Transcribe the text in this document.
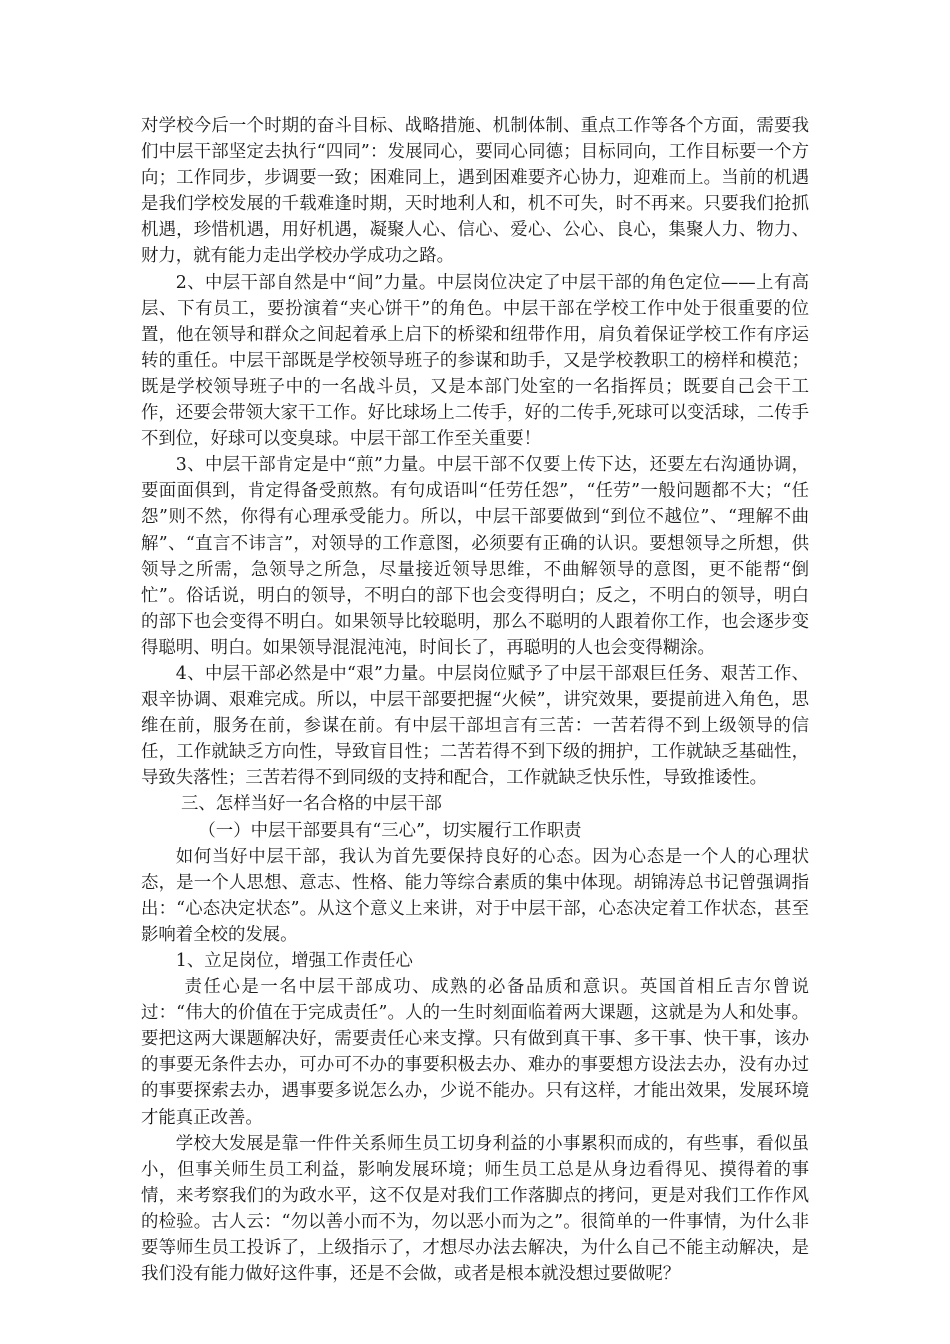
对学校今后一个时期的奋斗目标、战略措施、机制体制、重点工作等各个方面，需要我们中层干部坚定去执行“四同”：发展同心，要同心同德；目标同向，工作目标要一个方向；工作同步，步调要一致；困难同上，遇到困难要齐心协力，迎难而上。当前的机遇是我们学校发展的千载难逢时期，天时地利人和，机不可失，时不再来。只要我们抢抓机遇，珍惜机遇，用好机遇，凝聚人心、信心、爱心、公心、良心，集聚人力、物力、财力，就有能力走出学校办学成功之路。

2、中层干部自然是中“间”力量。中层岗位决定了中层干部的角色定位——上有高层、下有员工，要扮演着“夹心饼干”的角色。中层干部在学校工作中处于很重要的位置，他在领导和群众之间起着承上启下的桥梁和纽带作用，肩负着保证学校工作有序运转的重任。中层干部既是学校领导班子的参谋和助手，又是学校教职工的榜样和模范；既是学校领导班子中的一名战斗员，又是本部门处室的一名指挥员；既要自己会干工作，还要会带领大家干工作。好比球场上二传手，好的二传手,死球可以变活球，二传手不到位，好球可以变臭球。中层干部工作至关重要！

3、中层干部肯定是中“煎”力量。中层干部不仅要上传下达，还要左右沟通协调，要面面俱到，肯定得备受煎熬。有句成语叫“任劳任怨”，“任劳”一般问题都不大；“任怨”则不然，你得有心理承受能力。所以，中层干部要做到“到位不越位”、“理解不曲解”、“直言不讳言”，对领导的工作意图，必须要有正确的认识。要想领导之所想，供领导之所需，急领导之所急，尽量接近领导思维，不曲解领导的意图，更不能帮“倒忙”。俗话说，明白的领导，不明白的部下也会变得明白；反之，不明白的领导，明白的部下也会变得不明白。如果领导比较聪明，那么不聪明的人跟着你工作，也会逐步变得聪明、明白。如果领导混混沌沌，时间长了，再聪明的人也会变得糊涂。

4、中层干部必然是中“艰”力量。中层岗位赋予了中层干部艰巨任务、艰苦工作、艰辛协调、艰难完成。所以，中层干部要把握“火候”，讲究效果，要提前进入角色，思维在前，服务在前，参谋在前。有中层干部坦言有三苦：一苦若得不到上级领导的信任，工作就缺乏方向性，导致盲目性；二苦若得不到下级的拥护，工作就缺乏基础性，导致失落性；三苦若得不到同级的支持和配合，工作就缺乏快乐性，导致推诿性。

三、怎样当好一名合格的中层干部

（一）中层干部要具有“三心”，切实履行工作职责

如何当好中层干部，我认为首先要保持良好的心态。因为心态是一个人的心理状态，是一个人思想、意志、性格、能力等综合素质的集中体现。胡锦涛总书记曾强调指出：“心态决定状态”。从这个意义上来讲，对于中层干部，心态决定着工作状态，甚至影响着全校的发展。

1、立足岗位，增强工作责任心

责任心是一名中层干部成功、成熟的必备品质和意识。英国首相丘吉尔曾说过：“伟大的价值在于完成责任”。人的一生时刻面临着两大课题，这就是为人和处事。要把这两大课题解决好，需要责任心来支撑。只有做到真干事、多干事、快干事，该办的事要无条件去办，可办可不办的事要积极去办、难办的事要想方设法去办，没有办过的事要探索去办，遇事要多说怎么办，少说不能办。只有这样，才能出效果，发展环境才能真正改善。

学校大发展是靠一件件关系师生员工切身利益的小事累积而成的，有些事，看似虽小，但事关师生员工利益，影响发展环境；师生员工总是从身边看得见、摸得着的事情，来考察我们的为政水平，这不仅是对我们工作落脚点的拷问，更是对我们工作作风的检验。古人云：“勿以善小而不为，勿以恶小而为之”。很简单的一件事情，为什么非要等师生员工投诉了，上级指示了，才想尽办法去解决，为什么自己不能主动解决，是我们没有能力做好这件事，还是不会做，或者是根本就没想过要做呢？
